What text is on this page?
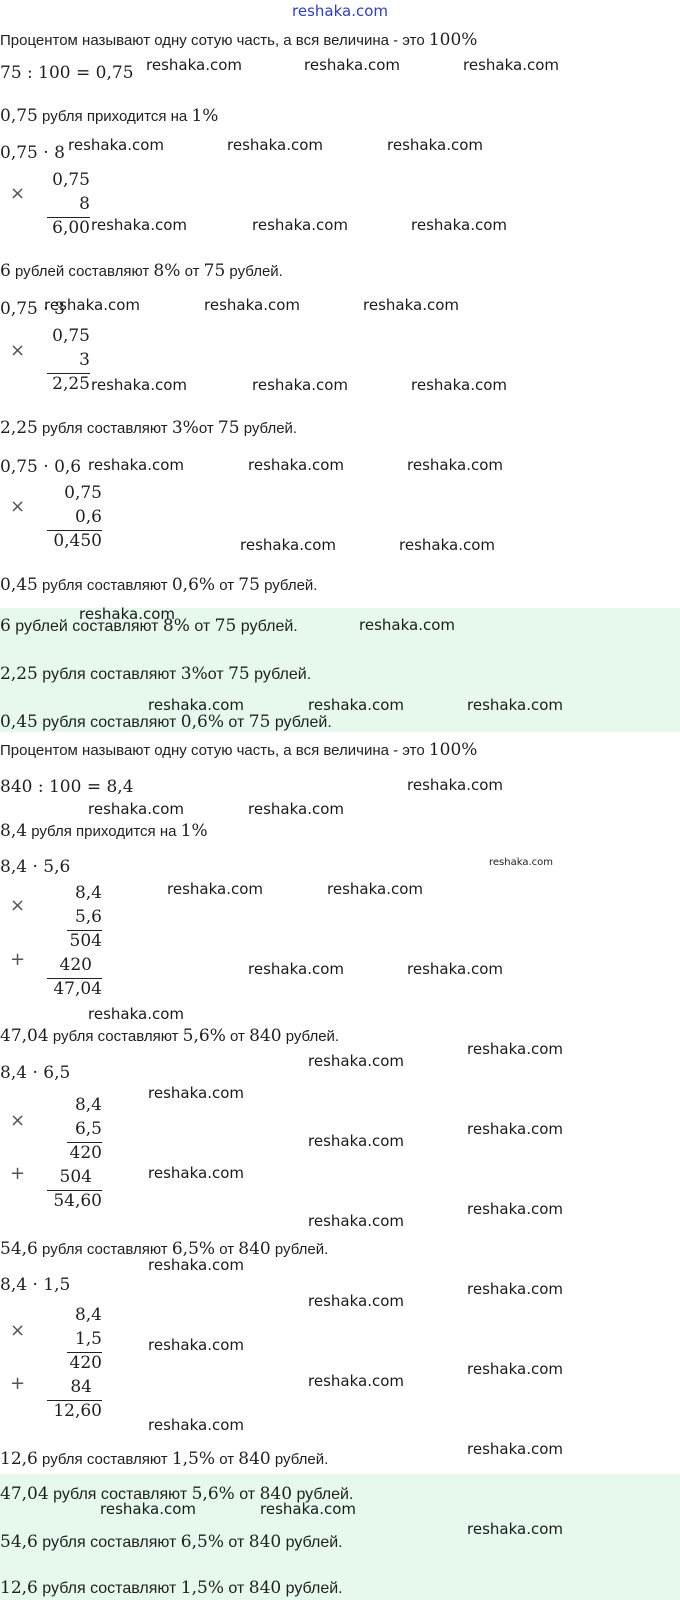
reshaka.com
Процентом называют одну сотую часть, а вся величина - это 100%
75 : 100 = 0,75
0,75 рубля приходится на 1%
0,75 · 8
×
0,75
8
6,00
6 рублей составляют 8% от 75 рублей.
0,75 · 3
×
0,75
3
2,25
2,25 рубля составляют 3%от 75 рублей.
0,75 · 0,6
×
0,75
0,6
0,450
0,45 рубля составляют 0,6% от 75 рублей.
6 рублей составляют 8% от 75 рублей.
2,25 рубля составляют 3%от 75 рублей.
0,45 рубля составляют 0,6% от 75 рублей.
Процентом называют одну сотую часть, а вся величина - это 100%
840 : 100 = 8,4
8,4 рубля приходится на 1%
8,4 · 5,6
×
+
8,4
5,6
504
420
47,04
47,04 рубля составляют 5,6% от 840 рублей.
8,4 · 6,5
×
+
8,4
6,5
420
504
54,60
54,6 рубля составляют 6,5% от 840 рублей.
8,4 · 1,5
×
+
8,4
1,5
420
84
12,60
12,6 рубля составляют 1,5% от 840 рублей.
47,04 рубля составляют 5,6% от 840 рублей.
54,6 рубля составляют 6,5% от 840 рублей.
12,6 рубля составляют 1,5% от 840 рублей.
reshaka.com	reshaka.com	reshaka.com
reshaka.com	reshaka.com	reshaka.com
reshaka.com	reshaka.com	reshaka.com
reshaka.com	reshaka.com	reshaka.com
reshaka.com	reshaka.com	reshaka.com
reshaka.com	reshaka.com	reshaka.com
reshaka.com	reshaka.com
reshaka.com
reshaka.com
reshaka.com	reshaka.com	reshaka.com
reshaka.com
reshaka.com	reshaka.com
reshaka.com
reshaka.com	reshaka.com
reshaka.com	reshaka.com
reshaka.com
reshaka.com
reshaka.com
reshaka.com
reshaka.com
reshaka.com
reshaka.com
reshaka.com
reshaka.com
reshaka.com
reshaka.com
reshaka.com
reshaka.com
reshaka.com
reshaka.com
reshaka.com
reshaka.com
reshaka.com	reshaka.com
reshaka.com
